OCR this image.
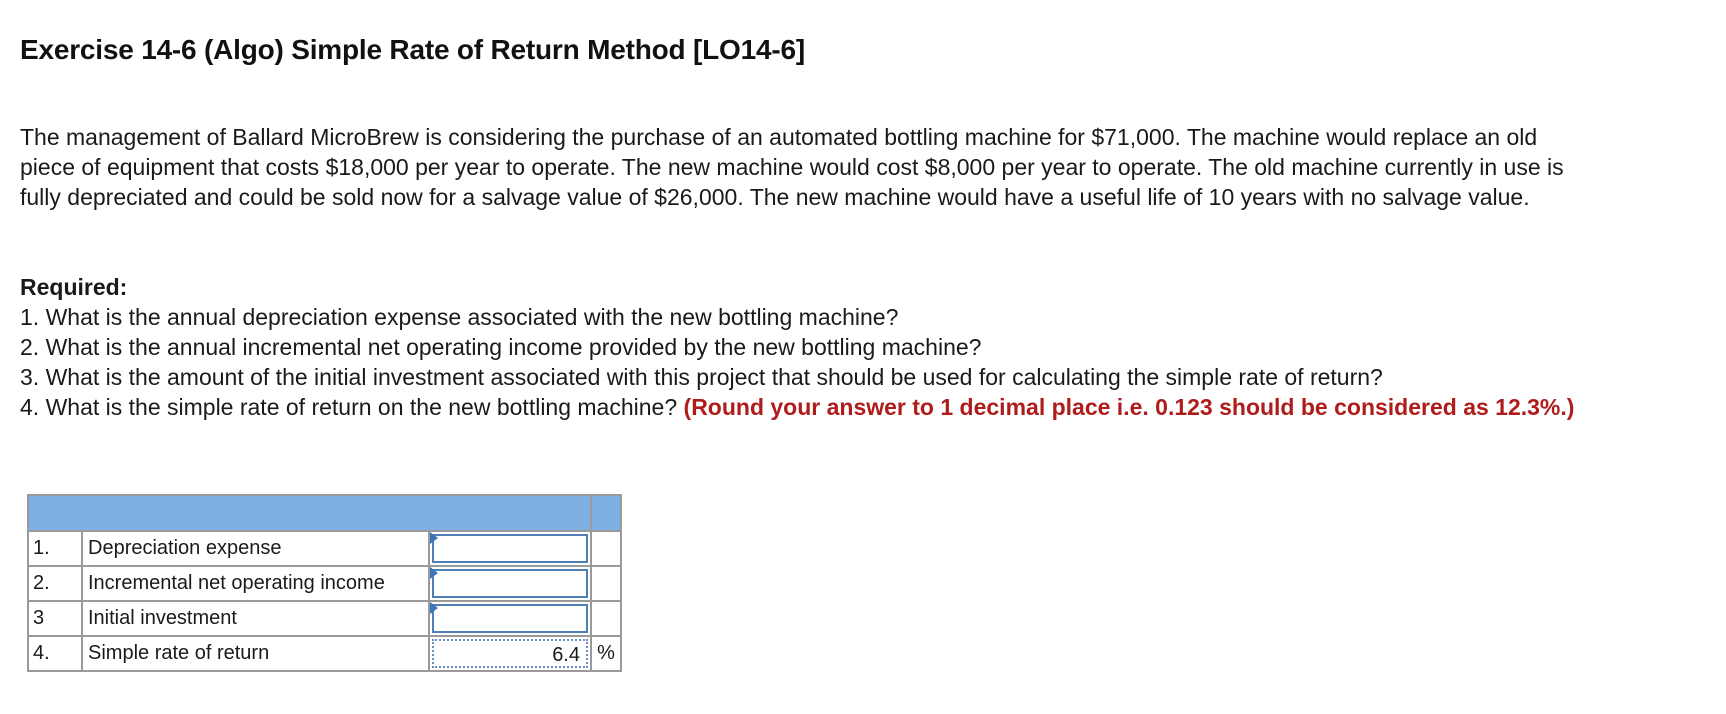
Exercise 14-6 (Algo) Simple Rate of Return Method [LO14-6]

The management of Ballard MicroBrew is considering the purchase of an automated bottling machine for $71,000. The machine would replace an old piece of equipment that costs $18,000 per year to operate. The new machine would cost $8,000 per year to operate. The old machine currently in use is fully depreciated and could be sold now for a salvage value of $26,000. The new machine would have a useful life of 10 years with no salvage value.

Required:
1. What is the annual depreciation expense associated with the new bottling machine?
2. What is the annual incremental net operating income provided by the new bottling machine?
3. What is the amount of the initial investment associated with this project that should be used for calculating the simple rate of return?
4. What is the simple rate of return on the new bottling machine? (Round your answer to 1 decimal place i.e. 0.123 should be considered as 12.3%.)

1.	Depreciation expense	

2.	Incremental net operating income	

3	Initial investment	

4.	Simple rate of return	6.4	%
